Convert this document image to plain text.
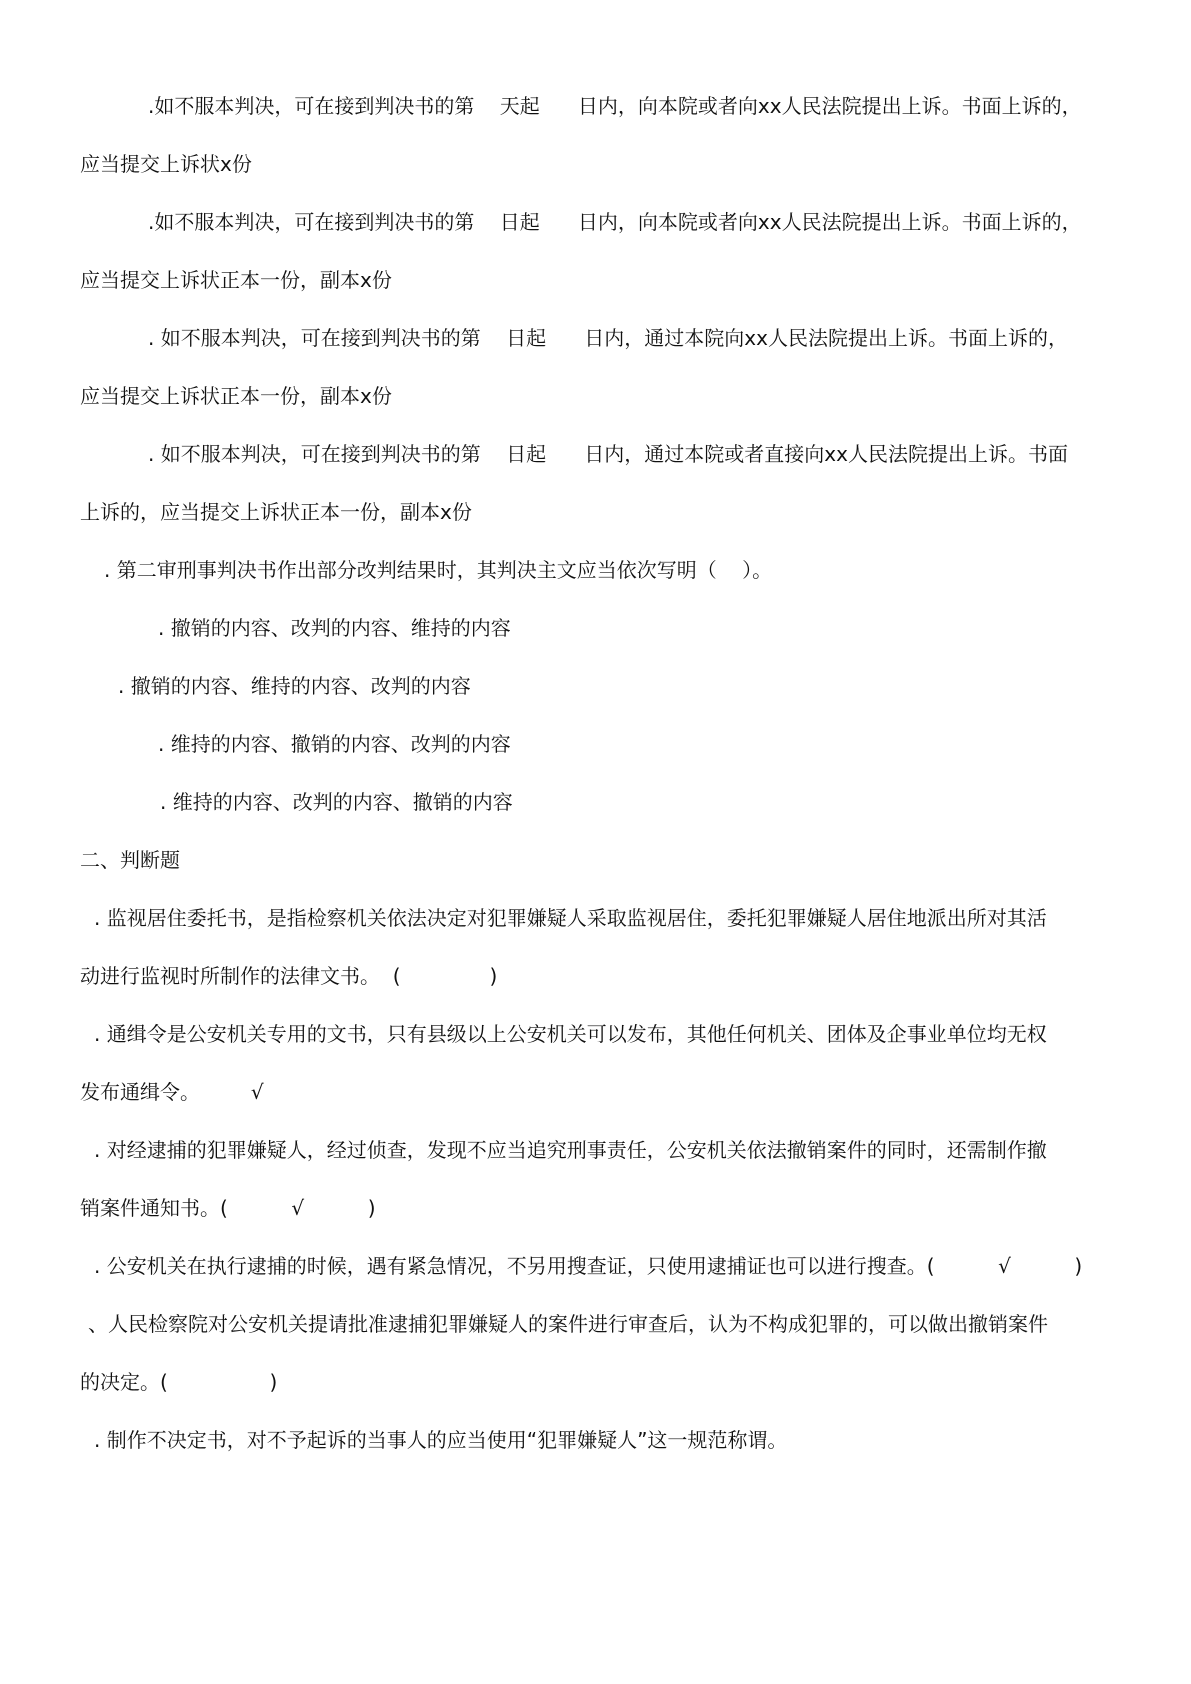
.如不服本判决，可在接到判决书的第    天起      日内，向本院或者向xx人民法院提出上诉。书面上诉的，
应当提交上诉状x份
.如不服本判决，可在接到判决书的第    日起      日内，向本院或者向xx人民法院提出上诉。书面上诉的，
应当提交上诉状正本一份，副本x份
. 如不服本判决，可在接到判决书的第    日起      日内，通过本院向xx人民法院提出上诉。书面上诉的，
应当提交上诉状正本一份，副本x份
. 如不服本判决，可在接到判决书的第    日起      日内，通过本院或者直接向xx人民法院提出上诉。书面
上诉的，应当提交上诉状正本一份，副本x份
. 第二审刑事判决书作出部分改判结果时，其判决主文应当依次写明（    ）。
. 撤销的内容、改判的内容、维持的内容
. 撤销的内容、维持的内容、改判的内容
. 维持的内容、撤销的内容、改判的内容
. 维持的内容、改判的内容、撤销的内容
二、判断题
. 监视居住委托书，是指检察机关依法决定对犯罪嫌疑人采取监视居住，委托犯罪嫌疑人居住地派出所对其活
动进行监视时所制作的法律文书。  (              )
. 通缉令是公安机关专用的文书，只有县级以上公安机关可以发布，其他任何机关、团体及企事业单位均无权
发布通缉令。        √
. 对经逮捕的犯罪嫌疑人，经过侦查，发现不应当追究刑事责任，公安机关依法撤销案件的同时，还需制作撤
销案件通知书。(          √          )
. 公安机关在执行逮捕的时候，遇有紧急情况，不另用搜查证，只使用逮捕证也可以进行搜查。(          √          )
、人民检察院对公安机关提请批准逮捕犯罪嫌疑人的案件进行审查后，认为不构成犯罪的，可以做出撤销案件
的决定。(                )
. 制作不决定书，对不予起诉的当事人的应当使用“犯罪嫌疑人”这一规范称谓。
